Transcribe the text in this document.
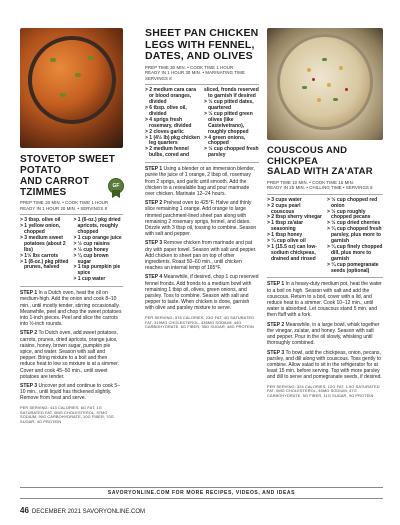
STOVETOP SWEET POTATO
AND CARROT TZIMMES
GF
PREP TIME 20 MIN. • COOK TIME 1 HOUR
READY IN 1 HOUR 20 MIN. • SERVINGS 8
> 3 tbsp. olive oil
> 1 yellow onion, chopped
> 3 medium sweet potatoes (about 2 lbs)
> 1½ lbs carrots
> 1 (8-oz.) pkg pitted prunes, halved
> 1 (6-oz.) pkg dried apricots, roughly chopped
> 1 cup orange juice
> ½ cup raisins
> ½ cup honey
> ¼ cup brown sugar
> 1 tsp pumpkin pie spice
> 1 cup water

STEP 1 In a Dutch oven, heat the oil on medium-high. Add the onion and cook 8–10 min., until mostly tender, stirring occasionally. Meanwhile, peel and chop the sweet potatoes into 1-inch pieces. Peel and slice the carrots into ½-inch rounds.

STEP 2 To Dutch oven, add sweet potatoes, carrots, prunes, dried apricots, orange juice, raisins, honey, brown sugar, pumpkin pie spice, and water. Season with salt and pepper. Bring mixture to a boil and then reduce heat to low so mixture is at a simmer. Cover and cook 45–50 min., until sweet potatoes are tender.

STEP 3 Uncover pot and continue to cook 5–10 min., until liquid has thickened slightly. Remove from heat and serve.

PER SERVING: 413 CALORIES, 6G FAT, 1G SATURATED FAT, 0MG CHOLESTEROL, 97MG SODIUM, 90G CARBOHYDRATE, 10G FIBER, 70G SUGAR, 4G PROTEIN

SHEET PAN CHICKEN
LEGS WITH FENNEL,
DATES, AND OLIVES
PREP TIME 30 MIN. • COOK TIME 1 HOUR
READY IN 1 HOUR 30 MIN. • MARINATING TIME
SERVINGS 8
> 2 medium cara cara or blood oranges, divided
> 6 tbsp. olive oil, divided
> 4 sprigs fresh rosemary, divided
> 2 cloves garlic
> 1 (4½ lb) pkg chicken leg quarters
> 2 medium fennel bulbs, cored and
sliced, fronds reserved to garnish if desired
> ½ cup pitted dates, quartered
> ½ cup pitted green olives (like Castelvetrano), roughly chopped
> 4 green onions, chopped
> ½ cup chopped fresh parsley

STEP 1 Using a blender or an immersion blender, purée the juice of 1 orange, 2 tbsp oil, rosemary from 2 sprigs, and garlic until smooth. Add the chicken to a resealable bag and pour marinade over chicken. Marinate 12–24 hours.

STEP 2 Preheat oven to 425°F. Halve and thinly slice remaining 1 orange. Add orange to large rimmed parchment-lined sheet pan along with remaining 2 rosemary sprigs, fennel, and dates. Drizzle with 3 tbsp oil, tossing to combine. Season with salt and pepper.

STEP 3 Remove chicken from marinade and pat dry with paper towel. Season with salt and pepper. Add chicken to sheet pan on top of other ingredients. Roast 50–60 min., until chicken reaches an internal temp of 165°F.

STEP 4 Meanwhile, if desired, chop 1 cup reserved fennel fronds. Add fronds to a medium bowl with remaining 1 tbsp oil, olives, green onions, and parsley. Toss to combine. Season with salt and pepper to taste. When chicken is done, garnish with olive and parsley mixture to serve.

PER SERVING: 578 CALORIES, 23G FAT, 4G SATURATED FAT, 319MG CHOLESTEROL, 435MG SODIUM, 44G CARBOHYDRATE, 6G FIBER, 35G SUGAR, 48G PROTEIN

COUSCOUS AND CHICKPEA
SALAD WITH ZA'ATAR
PREP TIME 10 MIN. • COOK TIME 15 MIN.
READY IN 25 MIN. • CHILLING TIME • SERVINGS 8
> 3 cups water
> 2 cups pearl couscous
> 2 tbsp sherry vinegar
> 1 tbsp za'atar seasoning
> 1 tbsp honey
> ¼ cup olive oil
> 1 (15.5 oz) can low-sodium chickpeas, drained and rinsed
> ½ cup chopped red onion
> ½ cup roughly chopped pecans
> ½ cup dried cherries
> ¼ cup chopped fresh parsley, plus more to garnish
> ¼ cup finely chopped dill, plus more to garnish
> ¼ cup pomegranate seeds (optional)

STEP 1 In a heavy-duty medium pot, heat the water to a boil on high. Season with salt and add the couscous. Return to a boil, cover with a lid, and reduce heat to a simmer. Cook 10–12 min., until water is absorbed. Let couscous stand 5 min. and then fluff with a fork.

STEP 2 Meanwhile, in a large bowl, whisk together the vinegar, za'atar, and honey. Season with salt and pepper. Pour in the oil slowly, whisking until thoroughly combined.

STEP 3 To bowl, add the chickpeas, onion, pecans, parsley, and dill along with couscous. Toss gently to combine. Allow salad to sit in the refrigerator for at least 15 min. before serving. Top with more parsley and dill to serve and pomegranate seeds, if desired.

PER SERVING: 324 CALORIES, 12G FAT, 1.5G SATURATED FAT, 0MG CHOLESTEROL, 45MG SODIUM, 47G CARBOHYDRATE, 5G FIBER, 11G SUGAR, 9G PROTEIN

SAVORYONLINE.COM FOR MORE RECIPES, VIDEOS, AND IDEAS
46 DECEMBER 2021 SAVORYONLINE.COM
